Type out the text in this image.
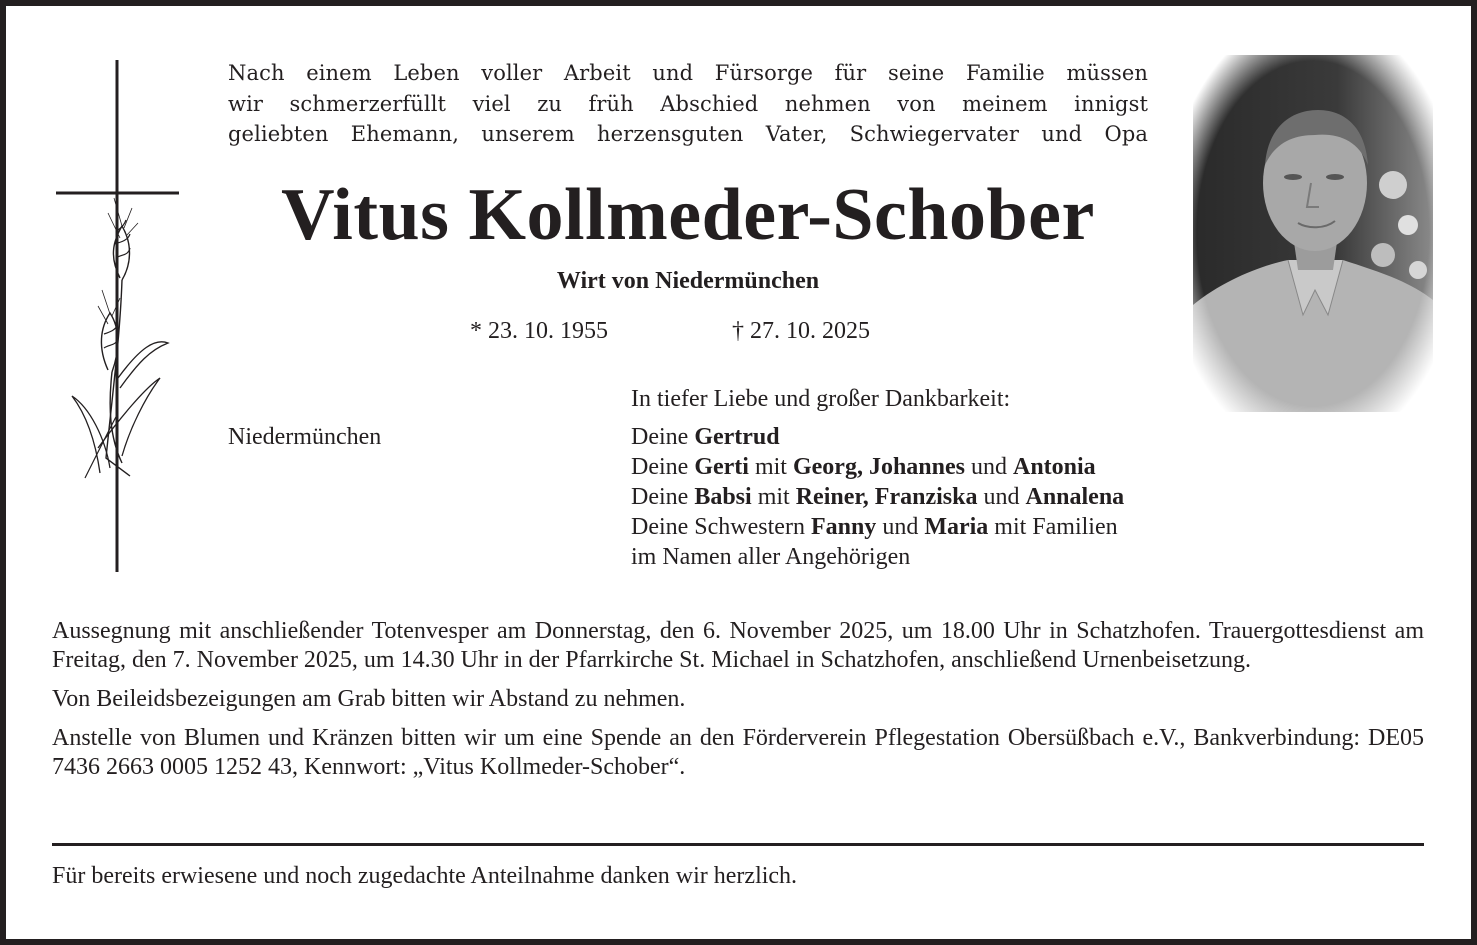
Nach einem Leben voller Arbeit und Fürsorge für seine Familie müssen
wir schmerzerfüllt viel zu früh Abschied nehmen von meinem innigst
geliebten Ehemann, unserem herzensguten Vater, Schwiegervater und Opa
Vitus Kollmeder-Schober
Wirt von Niedermünchen
* 23. 10. 1955	† 27. 10. 2025
Niedermünchen
In tiefer Liebe und großer Dankbarkeit:
Deine Gertrud
Deine Gerti mit Georg, Johannes und Antonia
Deine Babsi mit Reiner, Franziska und Annalena
Deine Schwestern Fanny und Maria mit Familien
im Namen aller Angehörigen

Aussegnung mit anschließender Totenvesper am Donnerstag, den 6. November 2025, um 18.00 Uhr in Schatzhofen. Trauergottesdienst am Freitag, den 7. November 2025, um 14.30 Uhr in der Pfarrkirche St. Michael in Schatzhofen, anschließend Urnenbeisetzung.

Von Beileidsbezeigungen am Grab bitten wir Abstand zu nehmen.

Anstelle von Blumen und Kränzen bitten wir um eine Spende an den Förderverein Pflegestation Obersüßbach e.V., Bankverbindung: DE05 7436 2663 0005 1252 43, Kennwort: „Vitus Kollmeder-Schober“.

Für bereits erwiesene und noch zugedachte Anteilnahme danken wir herzlich.
